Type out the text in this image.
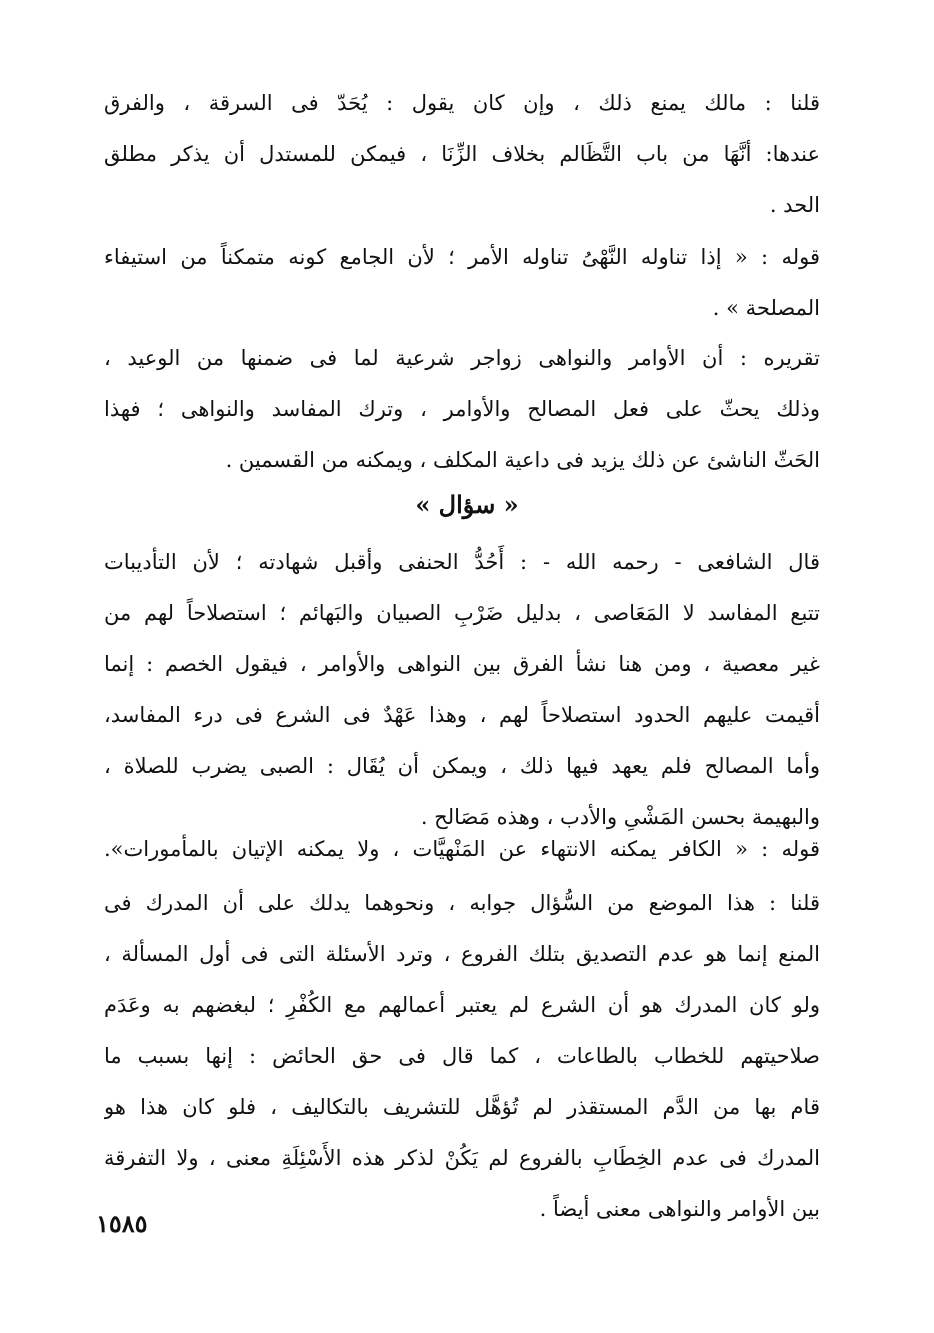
قلنا : مالك يمنع ذلك ، وإن كان يقول : يُحَدّ فى السرقة ، والفرق
عندها: أنَّهَا من باب التَّظَالم بخلاف الزِّنَا ، فيمكن للمستدل أن يذكر مطلق
الحد .
قوله : « إذا تناوله النَّهْىُ تناوله الأمر ؛ لأن الجامع كونه متمكناً من استيفاء
المصلحة » .
تقريره : أن الأوامر والنواهى زواجر شرعية لما فى ضمنها من الوعيد ،
وذلك يحثّ على فعل المصالح والأوامر ، وترك المفاسد والنواهى ؛ فهذا
الحَثّ الناشئ عن ذلك يزيد فى داعية المكلف ، ويمكنه من القسمين .
« سؤال »
قال الشافعى - رحمه الله - : أَحُدُّ الحنفى وأقبل شهادته ؛ لأن التأديبات
تتبع المفاسد لا المَعَاصى ، بدليل ضَرْبِ الصبيان والبَهائم ؛ استصلاحاً لهم من
غير معصية ، ومن هنا نشأ الفرق بين النواهى والأوامر ، فيقول الخصم : إنما
أقيمت عليهم الحدود استصلاحاً لهم ، وهذا عَهْدٌ فى الشرع فى درء المفاسد،
وأما المصالح فلم يعهد فيها ذلك ، ويمكن أن يُقَال : الصبى يضرب للصلاة ،
والبهيمة بحسن المَشْىِ والأدب ، وهذه مَصَالح .
قوله : « الكافر يمكنه الانتهاء عن المَنْهيَّات ، ولا يمكنه الإتيان بالمأمورات».
قلنا : هذا الموضع من السُّؤال جوابه ، ونحوهما يدلك على أن المدرك فى
المنع إنما هو عدم التصديق بتلك الفروع ، وترد الأسئلة التى فى أول المسألة ،
ولو كان المدرك هو أن الشرع لم يعتبر أعمالهم مع الكُفْرِ ؛ لبغضهم به وعَدَم
صلاحيتهم للخطاب بالطاعات ، كما قال فى حق الحائض : إنها بسبب ما
قام بها من الدَّم المستقذر لم تُؤهَّل للتشريف بالتكاليف ، فلو كان هذا هو
المدرك فى عدم الخِطَابِ بالفروع لم يَكُنْ لذكر هذه الأَسْئِلَةِ معنى ، ولا التفرقة
بين الأوامر والنواهى معنى أيضاً .
١٥٨٥
